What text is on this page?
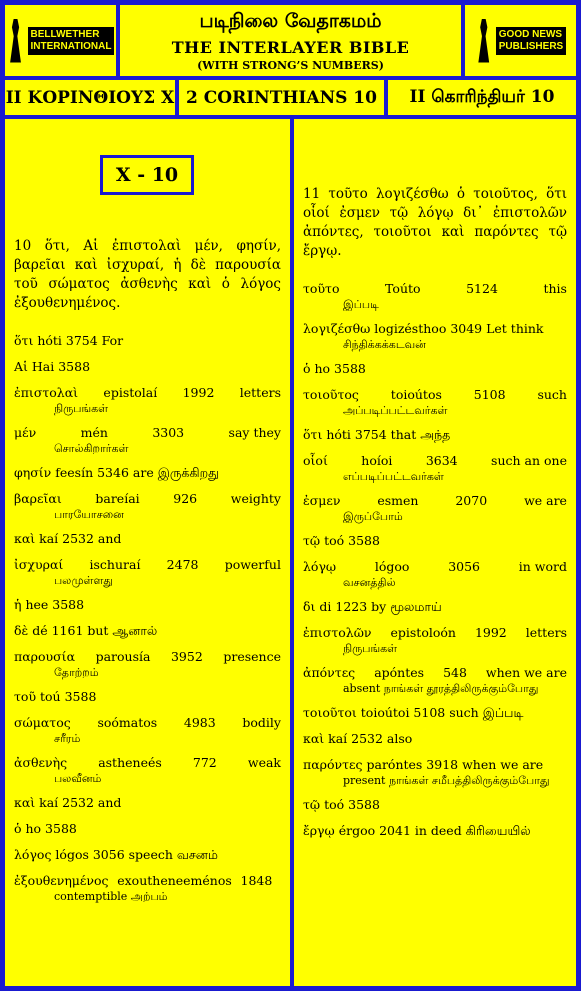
BELLWETHER
INTERNATIONAL
படிநிலை வேதாகமம்
THE INTERLAYER BIBLE
(WITH STRONG’S NUMBERS)
GOOD NEWS
PUBLISHERS
ΙΙ ΚΟΡΙΝΘΙΟΥΣ Χ 2 CORINTHIANS 10	II கொரிந்தியர் 10
X - 10
10 ὅτι, Αἱ ἐπιστολαὶ μέν, φησίν, βαρεῖαι καὶ ἰσχυραί, ἡ δὲ παρουσία τοῦ σώματος ἀσθενὴς καὶ ὁ λόγος ἐξουθενημένος.
ὅτι hóti 3754 For
Αἱ Hai 3588
ἐπιστολαὶ epistolaí 1992 letters
நிருபங்கள்
μέν	mén	3303	say they
சொல்கிறார்கள்
φησίν feesín 5346 are இருக்கிறது
βαρεῖαι	bareíai	926	weighty
பாரயோசனை
καὶ kaí 2532 and
ἰσχυραί ischuraí 2478 powerful
பலமுள்ளது
ἡ hee 3588
δὲ dé 1161 but ஆனால்
παρουσία parousía 3952 presence
தோற்றம்
τοῦ toú 3588
σώματος soómatos 4983 bodily
சரீரம்
ἀσθενὴς astheneés 772 weak
பலவீனம்
καὶ kaí 2532 and
ὁ ho 3588
λόγος lógos 3056 speech வசனம்
ἐξουθενημένος exoutheneeménos 1848
contemptible அற்பம்
11 τοῦτο λογιζέσθω ὁ τοιοῦτος, ὅτι οἷοί ἐσμεν τῷ λόγῳ δι᾽ ἐπιστολῶν ἀπόντες, τοιοῦτοι καὶ παρόντες τῷ ἔργῳ.
τοῦτο	Toúto	5124	this
இப்படி
λογιζέσθω logizésthoo 3049 Let think
சிந்திக்கக்கடவன்
ὁ ho 3588
τοιοῦτος	toioútos	5108	such
அப்படிப்பட்டவர்கள்
ὅτι hóti 3754 that அந்த
οἷοί	hoíoi	3634	such an one
எப்படிப்பட்டவர்கள்
ἐσμεν	esmen	2070	we are
இருப்போம்
τῷ toó 3588
λόγῳ	lógoo	3056	in word
வசனத்தில்
δι di 1223 by மூலமாய்
ἐπιστολῶν epistoloón 1992 letters
நிருபங்கள்
ἀπόντες apóntes 548 when we are
absent நாங்கள் தூரத்திலிருக்கும்போது
τοιοῦτοι toioútoi 5108 such இப்படி
καὶ kaí 2532 also
παρόντες paróntes 3918 when we are
present நாங்கள் சமீபத்திலிருக்கும்போது
τῷ toó 3588
ἔργῳ érgoo 2041 in deed கிரியையில்
